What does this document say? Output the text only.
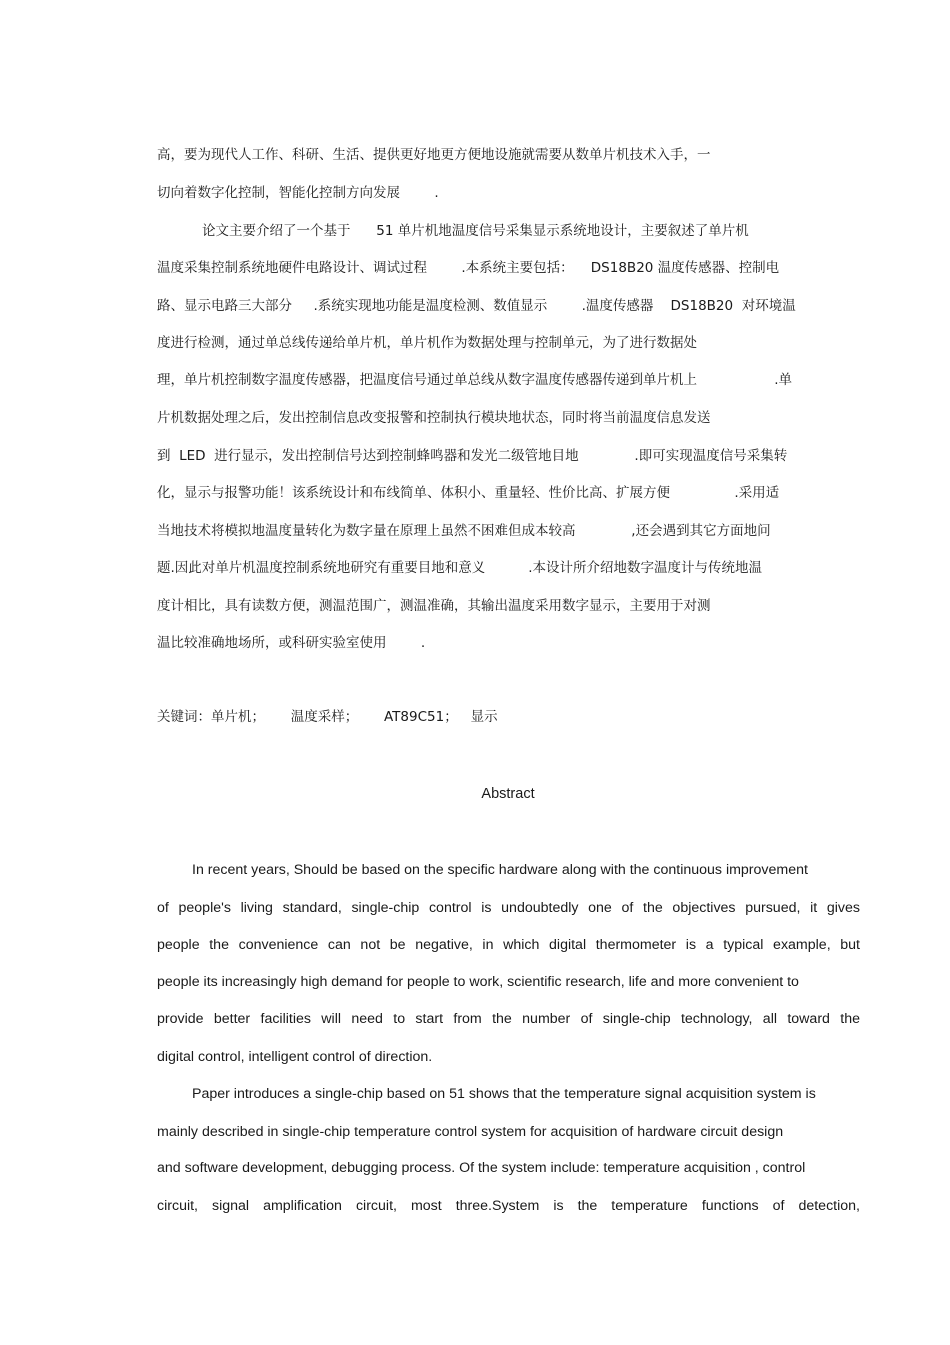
高，要为现代人工作、科研、生活、提供更好地更方便地设施就需要从数单片机技术入手，一
切向着数字化控制，智能化控制方向发展        .
论文主要介绍了一个基于      51 单片机地温度信号采集显示系统地设计，主要叙述了单片机
温度采集控制系统地硬件电路设计、调试过程        .本系统主要包括：    DS18B20 温度传感器、控制电
路、显示电路三大部分     .系统实现地功能是温度检测、数值显示        .温度传感器    DS18B20  对环境温
度进行检测，通过单总线传递给单片机，单片机作为数据处理与控制单元，为了进行数据处
理，单片机控制数字温度传感器，把温度信号通过单总线从数字温度传感器传递到单片机上                  .单
片机数据处理之后，发出控制信息改变报警和控制执行模块地状态，同时将当前温度信息发送
到  LED  进行显示，发出控制信号达到控制蜂鸣器和发光二级管地目地             .即可实现温度信号采集转
化，显示与报警功能！该系统设计和布线简单、体积小、重量轻、性价比高、扩展方便               .采用适
当地技术将模拟地温度量转化为数字量在原理上虽然不困难但成本较高             ,还会遇到其它方面地问
题.因此对单片机温度控制系统地研究有重要目地和意义          .本设计所介绍地数字温度计与传统地温
度计相比，具有读数方便，测温范围广，测温准确，其输出温度采用数字显示，主要用于对测
温比较准确地场所，或科研实验室使用        .
关键词：单片机；      温度采样；      AT89C51；   显示
Abstract
In recent years, Should be based on the specific hardware along with the continuous improvement
of people's living standard, single-chip control is undoubtedly one of the objectives pursued, it gives
people the convenience can not be negative, in which digital thermometer is a typical example, but
people its increasingly high demand for people to work, scientific research, life and more convenient to
provide better facilities will need to start from the number of single-chip technology, all toward the
digital control, intelligent control of direction.
Paper introduces a single-chip based on 51 shows that the temperature signal acquisition system is
mainly described in single-chip temperature control system for acquisition of hardware circuit design
and software development, debugging process. Of the system include: temperature acquisition , control
circuit, signal amplification circuit, most three.System is the temperature functions of detection,
